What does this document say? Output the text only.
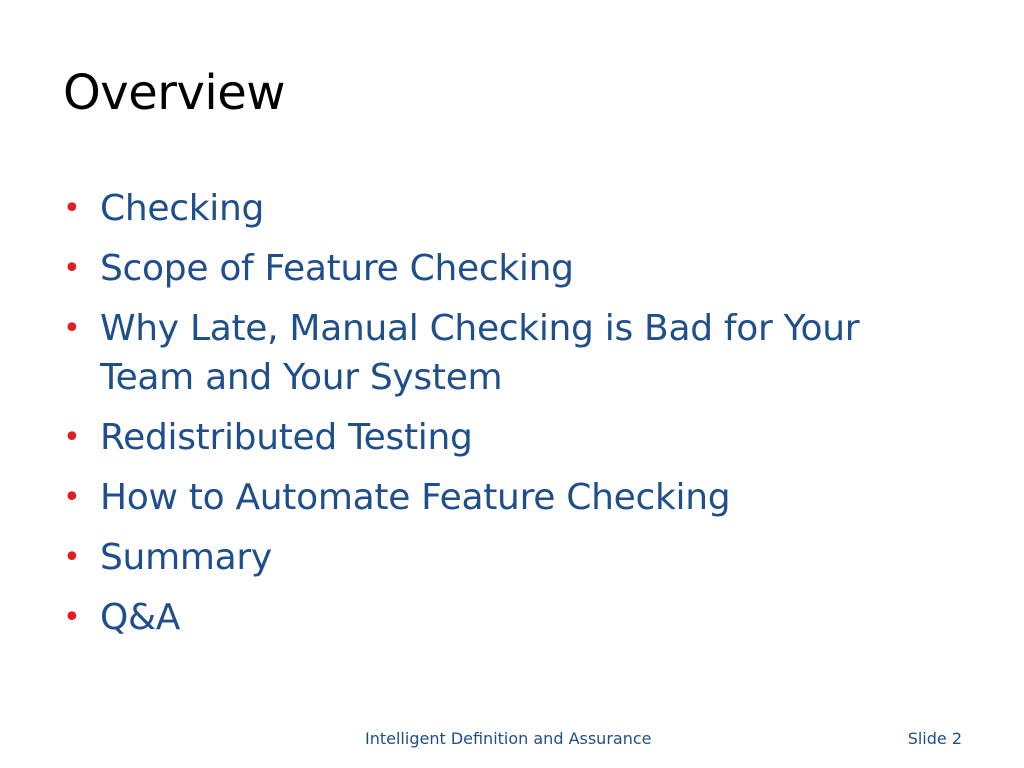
Overview
• Checking
• Scope of Feature Checking
• Why Late, Manual Checking is Bad for Your Team and Your System
• Redistributed Testing
• How to Automate Feature Checking
• Summary
• Q&A
Intelligent Definition and Assurance	Slide 2
